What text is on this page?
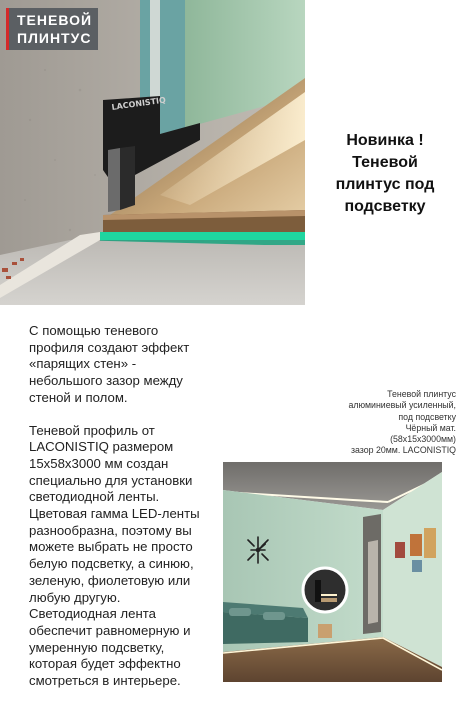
LACONISTIQ
ТЕНЕВОЙ
ПЛИНТУС
Новинка !
Теневой
плинтус под
подсветку

С помощью теневого
профиля создают эффект
«парящих стен» -
небольшого зазор между
стеной и полом.

Теневой профиль от
LACONISTIQ размером
15х58х3000 мм создан
специально для установки
светодиодной ленты.
Цветовая гамма LED-ленты
разнообразна, поэтому вы
можете выбрать не просто
белую подсветку, а синюю,
зеленую, фиолетовую или
любую другую.
Светодиодная лента
обеспечит равномерную и
умеренную подсветку,
которая будет эффектно
смотреться в интерьере.

Теневой плинтус
алюминиевый усиленный,
под подсветку
Чёрный мат.
(58х15х3000мм)
зазор 20мм. LACONISTIQ
